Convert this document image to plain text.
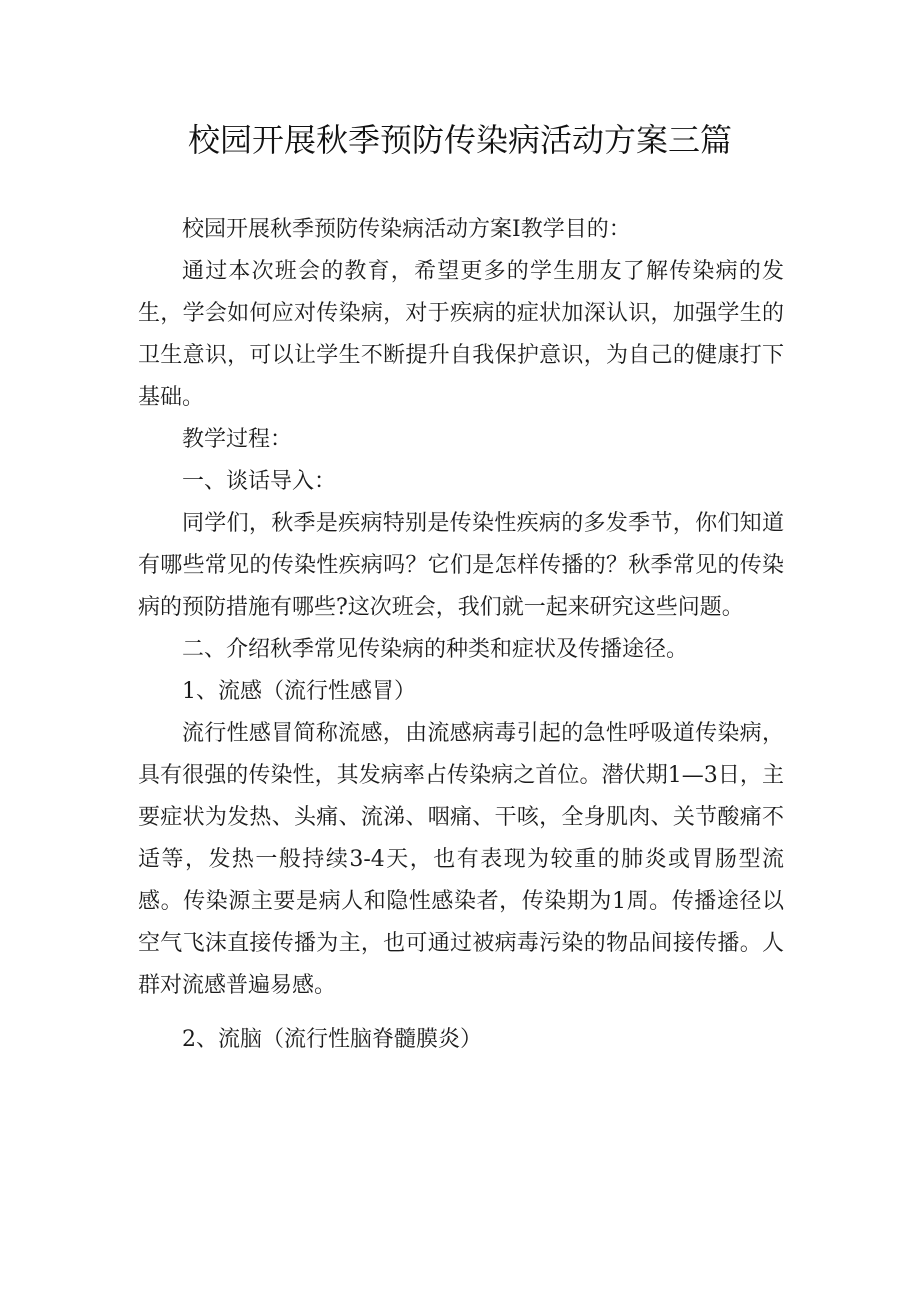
校园开展秋季预防传染病活动方案三篇

校园开展秋季预防传染病活动方案Ⅰ教学目的：

通过本次班会的教育，希望更多的学生朋友了解传染病的发生，学会如何应对传染病，对于疾病的症状加深认识，加强学生的卫生意识，可以让学生不断提升自我保护意识，为自己的健康打下基础。

教学过程：

一、谈话导入：

同学们，秋季是疾病特别是传染性疾病的多发季节，你们知道有哪些常见的传染性疾病吗？它们是怎样传播的？秋季常见的传染病的预防措施有哪些?这次班会，我们就一起来研究这些问题。

二、介绍秋季常见传染病的种类和症状及传播途径。

1、流感（流行性感冒）

流行性感冒简称流感，由流感病毒引起的急性呼吸道传染病，具有很强的传染性，其发病率占传染病之首位。潜伏期1—3日，主要症状为发热、头痛、流涕、咽痛、干咳，全身肌肉、关节酸痛不适等，发热一般持续3-4天，也有表现为较重的肺炎或胃肠型流感。传染源主要是病人和隐性感染者，传染期为1周。传播途径以空气飞沫直接传播为主，也可通过被病毒污染的物品间接传播。人群对流感普遍易感。

2、流脑（流行性脑脊髓膜炎）
